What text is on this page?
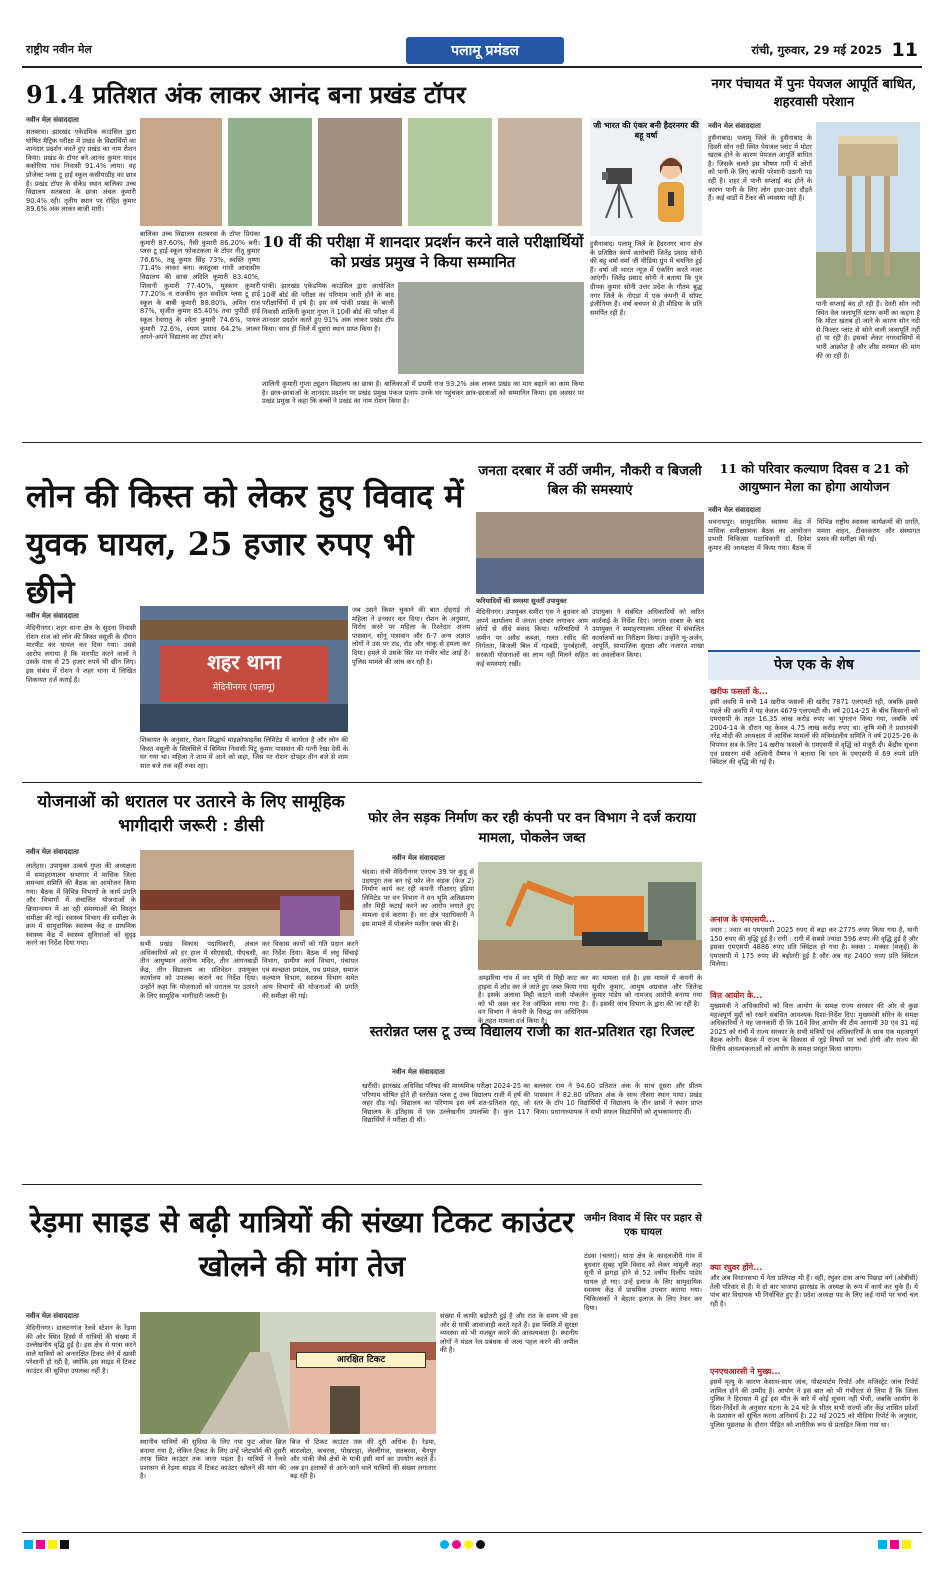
राष्ट्रीय नवीन मेल	पलामू प्रमंडल	रांची, गुरुवार, 29 मई 2025 11
91.4 प्रतिशत अंक लाकर आनंद बना प्रखंड टॉपर
नवीन मेल संवाददाता
सतबरवा। झारखंड एकेडमिक काउंसिल द्वारा घोषित मैट्रिक परीक्षा में प्रखंड के विद्यार्थियों का शानदार प्रदर्शन करते हुए प्रखंड का नाम रोशन किया। प्रखंड के टॉपर बने आनंद कुमार यादव बकोरिया गांव निवासी 91.4% लाया। वह प्रोजेक्ट प्लस टू हाई स्कूल कसीयाडीह का छात्र है। प्रखंड टॉपर के सेकेंड स्थान बालिका उच्च विद्यालय सतबरवा के छात्रा अंचल कुमारी 90.4% रही। तृतीय स्थान पर रोहित कुमार 89.6% अंक लाकर बाजी मारी।
बालिका उच्च विद्यालय सतबरवा के टॉपर प्रियंका कुमारी 87.60%, नैंसी कुमारी 86.20% बनी। प्लस टू हाई स्कूल फोकटकला के टॉपर नीतू कुमार 76.6%, तन्नू कुमार सिंह 73%, स्वस्ति तृष्णा 71.4% लाकर बना। कस्तूरबा गांधी आवासीय विद्यालय की छात्रा अदिति कुमारी 83.40%, शिवानी कुमारी 77.40%, मुस्कान कुमारी 77.20% व राजकीय कृत सर्वोदय प्लस टू हाई स्कूल के बाबी कुमारी 88.80%, अमित राज 87%, सृजीत कुमार 85.40% तथा पुपीडी हाई स्कूल रेवारातु के श्वेता कुमारी 74.6%, पायल कुमारी 72.6%, श्याम प्रसाद 64.2% लाकर अपने-अपने विद्यालय का टॉपर बने।
10 वीं की परीक्षा में शानदार प्रदर्शन करने वाले परीक्षार्थियों को प्रखंड प्रमुख ने किया सम्मानित
पांकी। झारखंड एकेडमिक काउंसिल द्वारा आयोजित 10वीं बोर्ड की परीक्षा का परिणाम जारी होने के बाद परीक्षार्थियों में हर्ष है। इस वर्ष पांकी प्रखंड के बरली निवासी शालिनी कुमार गुप्ता ने 10वीं बोर्ड की परीक्षा में शानदार प्रदर्शन करते हुए 91% अंक लाकर प्रखंड टॉप किया। साथ ही जिले में दूसरा स्थान प्राप्त किया है।
शालिनी कुमारी गुप्ता ट्यूशन विद्यालय का छात्रा है। बालिकाओं में प्रथमी राज 93.2% अंक लाकर प्रखंड का मान बढ़ाने का काम किया है। छात्र-छात्राओं के शानदार प्रदर्शन पर प्रखंड प्रमुख पंकज प्रताप उनके घर पहुंचकर छात्र-छात्राओं को सम्मानित किया। इस अवसर पर प्रखंड प्रमुख ने कहा कि बच्चों ने प्रखंड का नाम रोशन किया है।
जी भारत की एंकर बनी हैदरनगर की बहू वर्षा
हुसैनाबाद। पलामू जिले के हैदरनगर थाना क्षेत्र के प्रतिष्ठित स्वर्ण कारोबारी जितेंद्र प्रसाद सोनी की बहू वर्षा वर्मा जी मीडिया ग्रुप में चयनित हुई हैं। वर्षा जी भारत न्यूज़ में एंकरिंग करते नजर आएंगी। जितेंद्र प्रसाद सोनी ने बताया कि पुत्र दीपक कुमार सोनी उत्तर प्रदेश के गौतम बुद्ध नगर जिले के नोएडा में एक कंपनी में सॉफ्ट इंजीनियर हैं। वर्षा बचपन से ही मीडिया के प्रति समर्पित रही हैं।
नगर पंचायत में पुनः पेयजल आपूर्ति बाधित, शहरवासी परेशान
नवीन मेल संवाददाता
हुसैनाबाद। पलामू जिले के हुसैनाबाद के दिवरी सोन नदी स्थित पेयजल प्लांट में मोटर खराब होने के कारण पेयजल आपूर्ति बाधित है। जिसके चलते इस भीषण गर्मी में लोगों को पानी के लिए काफी परेशानी उठानी पड़ रही है। शहर में पानी सप्लाई बंद होने के कारण पानी के लिए लोग इधर-उधर दौड़ते हैं। कई वार्डों में टैंकर की व्यवस्था नहीं है।
पानी सप्लाई बंद हो रही है। देवरी सोन नदी स्थित वेल जलापूर्ति स्टाफ कर्मी का कहना है कि मोटर खराब हो जाने के कारण सोन नदी से फिल्टर प्लांट से सोने वाली जलापूर्ति नहीं हो पा रही है। इसको लेकर नगरवासियों में भारी आक्रोश है और शीघ्र मरम्मत की मांग की जा रही है।
लोन की किस्त को लेकर हुए विवाद में युवक घायल, 25 हजार रुपए भी छीने
नवीन मेल संवाददाता
मेदिनीनगर। शहर थाना क्षेत्र के सुदना निवासी रोशन राज को लोन की किस्त वसूली के दौरान मारपीट कर घायल कर दिया गया। उससे आरोप लगाया है कि मारपीट करने वालों ने उसके पास से 25 हजार रुपये भी छीन लिए। इस संबंध में रोशन ने शहर थाना में लिखित शिकायत दर्ज कराई है।
शहर थाना
मेदिनीनगर (पलामू)
शिकायत के अनुसार, रोशन सिद्धार्थ माइक्रोफाइनेंस लिमिटेड में कार्यरत है और लोन की किस्त वसूली के सिलसिले में बिमिया निवासी पिंटू कुमार पासवान की पत्नी रेखा देवी के घर गया था। महिला ने शाम में आने को कहा, जिस पर रोशन दोपहर तीन बजे से शाम सात बजे तक वहीं रुका रहा।
जब उसने किस्त चुकाने की बात दोहराई तो महिला ने इनकार कर दिया। रोशन के अनुसार, विरोध करने पर महिला के रिश्तेदार अजय पासवान, सोनू पासवान और 6-7 अन्य अज्ञात लोगों ने उस पर राड, रॉड और चाकू से हमला कर दिया। हमले में उसके सिर पर गंभीर चोट आई है। पुलिस मामले की जांच कर रही है।
जनता दरबार में उठीं जमीन, नौकरी व बिजली बिल की समस्याएं
फरियादियों की समस्या सुनतीं उपायुक्त
मेदिनीनगर। उपायुक्त समीरा एस ने बुधवार को अपने कार्यालय में जनता दरबार लगाकर आम लोगों से सीधे संवाद किया। फरियादियों ने जमीन पर अवैध कब्जा, गलत रसीद की निर्गतता, बिजली बिल में गड़बड़ी, पुनर्बहाली, सरकारी योजनाओं का लाभ नहीं मिलने सहित कई समस्याएं रखीं।
उपायुक्त ने संबंधित अधिकारियों को त्वरित कार्रवाई के निर्देश दिए। जनता दरबार के बाद उपायुक्त ने समाहरणालय परिसर में संचालित कार्यालयों का निरीक्षण किया। उन्होंने भू-अर्जन, आपूर्ति, सामाजिक सुरक्षा और नजारत शाखा का अवलोकन किया।
11 को परिवार कल्याण दिवस व 21 को आयुष्मान मेला का होगा आयोजन
नवीन मेल संवाददाता
भवनाथपुर। सामुदायिक स्वास्थ्य केंद्र में मासिक समीक्षात्मक बैठक का आयोजन प्रभारी चिकित्सा पदाधिकारी डॉ. दिनेश कुमार की अध्यक्षता में किया गया। बैठक में विभिन्न राष्ट्रीय स्वास्थ्य कार्यक्रमों की प्रगति, ममता वाहन, टीकाकरण और संस्थागत प्रसव की समीक्षा की गई।
पेज एक के शेष
खरीफ फसलों के...
इसी अवधि में सभी 14 खरीफ फसलों की खरीद 7871 एलएमटी रही, जबकि इससे पहले की अवधि में यह केवल 4679 एलएमटी थी। वर्ष 2014-25 के बीच किसानों को एमएसपी के तहत 16.35 लाख करोड़ रुपए का भुगतान किया गया, जबकि वर्ष 2004-14 के दौरान यह केवल 4.75 लाख करोड़ रुपए था। कृषि मंत्री ने प्रधानमंत्री नरेंद्र मोदी की अध्यक्षता में आर्थिक मामलों की मंत्रिमंडलीय समिति ने वर्ष 2025-26 के विपणन सत्र के लिए 14 खरीफ फसलों के एमएसपी में वृद्धि को मंजूरी दी। केंद्रीय सूचना एवं प्रसारण मंत्री अश्विनी वैष्णव ने बताया कि धान के एमएसपी में 69 रुपये प्रति क्विंटल की वृद्धि की गई है।
अनाज के एमएसपी...
ज्वार : ज्वार का एमएसपी 2025 रुपए से बढ़ा कर 2775 रुपए किया गया है, यानी 150 रुपए की वृद्धि हुई है। रागी : रागी में सबसे ज्यादा 596 रुपए की वृद्धि हुई है और इसका एमएसपी 4886 रुपए प्रति क्विंटल हो गया है। मक्का : मक्का (मक्ई) के एमएसपी में 175 रुपए की बढ़ोतरी हुई है और अब यह 2400 रुपए प्रति क्विंटल मिलेगा।
वित्त आयोग के...
मुख्यमंत्री ने अधिकारियों को वित्त आयोग के समक्ष राज्य सरकार की ओर से कुछ महत्वपूर्ण मुद्दों को रखने संबंधित आवश्यक दिशा-निर्देश दिए। मुख्यमंत्री सोरेन के समक्ष अधिकारियों ने यह जानकारी दी कि 16वें वित्त आयोग की टीम आगामी 30 एवं 31 मई 2025 को रांची में राज्य सरकार के सभी मंत्रियों एवं अधिकारियों के साथ एक महत्वपूर्ण बैठक करेगी। बैठक में राज्य के विकास से जुड़े विषयों पर चर्चा होगी और राज्य की वित्तीय आवश्यकताओं को आयोग के समक्ष प्रस्तुत किया जाएगा।
क्या रघुवर होंगे...
और अब विधानसभा में नेता प्रतिपक्ष भी हैं। वहीं, रघुवर दास अन्य पिछड़ा वर्ग (ओबीसी) तेली परिवार से हैं। ये दो बार भाजपा झारखंड के अध्यक्ष के रूप में कार्य कर चुके हैं। ये पांच बार विधायक भी निर्वाचित हुए हैं। प्रदेश अध्यक्ष पद के लिए कई नामों पर चर्चा चल रही है।
एनएचआरसी ने मुख्य...
इसमें मृत्यु के कारण केसाथ-साथ जांच, पोस्टमार्टम रिपोर्ट और मजिस्ट्रेट जांच रिपोर्ट शामिल होने की उम्मीद है। आयोग ने इस बात को भी गंभीरता से लिया है कि जिला पुलिस ने हिरासत में हुई इस मौत के बारे में कोई सूचना नहीं भेजी, जबकि आयोग के दिशा-निर्देशों के अनुसार घटना के 24 घंटे के भीतर सभी राज्यों और केंद्र शासित प्रदेशों के प्रशासन को सूचित करना अनिवार्य है। 22 मई 2025 को मीडिया रिपोर्ट के अनुसार, पुलिस पूछताछ के दौरान पीड़ित को शारीरिक रूप से प्रताड़ित किया गया था।
योजनाओं को धरातल पर उतारने के लिए सामूहिक भागीदारी जरूरी : डीसी
नवीन मेल संवाददाता
लातेहार। उपायुक्त उत्कर्ष गुप्ता की अध्यक्षता में समाहरणालय सभागार में मासिक जिला समन्वय समिति की बैठक का आयोजन किया गया। बैठक में विभिन्न विभागों के कार्य प्रगति और विभागों में संचालित योजनाओं के क्रियान्वयन में आ रही समस्याओं की विस्तृत समीक्षा की गई। स्वास्थ्य विभाग की समीक्षा के क्रम में सामुदायिक स्वास्थ्य केंद्र व प्राथमिक स्वास्थ्य केंद्र में स्वास्थ्य सुविधाओं को सुदृढ़ करने का निर्देश दिया गया।	सभी प्रखंड विकास पदाधिकारी, अंचल अधिकारियों को हर हाल में सीएससी, पीएचसी, तीन आयुष्मान आरोग्य मंदिर, तीन आंगनबाड़ी केंद्र, तीन विद्यालय का प्रतिवेदन उपायुक्त कार्यालय को उपलब्ध कराने का निर्देश दिया। उन्होंने कहा कि योजनाओं को धरातल पर उतारने के लिए सामूहिक भागीदारी जरूरी है।
कर विकास कार्यों को गति प्रदान करने का निर्देश दिया। बैठक में लघु सिंचाई विभाग, ग्रामीण कार्य विभाग, पंचायत एवं स्वच्छता प्रमंडल, पथ प्रमंडल, समाज कल्याण विभाग, स्वास्थ्य विभाग समेत अन्य विभागों की योजनाओं की प्रगति की समीक्षा की गई।
फोर लेन सड़क निर्माण कर रही कंपनी पर वन विभाग ने दर्ज कराया मामला, पोकलेन जब्त
नवीन मेल संवाददाता
चंदवा। रांची मेदिनीनगर एनएच 39 पर कुडू से उदयपुरा तक बन रहे फोर लेन सड़क (फेज 2) निर्माण कार्य कर रही कंपनी पीआरए इंडिया लिमिटेड पर वन विभाग ने वन भूमि अतिक्रमण और मिट्टी कटाई करने का आरोप लगाते हुए मामला दर्ज कराया है। वन क्षेत्र पदाधिकारी ने इस मामले में पोकलेन मशीन जब्त की है।
अम्झरिया गांव में वन भूमि से मिट्टी काट कर हाइवा में लोड कर ले जाते हुए जब्त किया गया है। इसके अलावा मिट्टी काटने वाली पोकलेन को भी जब्त कर रेंज ऑफिस लाया गया है। वन विभाग ने कंपनी के विरुद्ध वन अधिनियम के तहत मामला दर्ज किया है।
का मामला दर्ज है। इस मामले में कंपनी के सुधीर कुमार, आयुष अग्रवाल और जितेन्द्र कुमार पांडेय को नामजद आरोपी बनाया गया है। इसकी जांच विभाग के द्वारा की जा रही है।
स्तरोन्नत प्लस टू उच्च विद्यालय राजी का शत-प्रतिशत रहा रिजल्ट
नवीन मेल संवाददाता
खरौंधी। झारखंड अधिविद्य परिषद की माध्यमिक परीक्षा 2024-25 का परिणाम घोषित होते ही स्तरोन्नत प्लस टू उच्च विद्यालय राजी में हर्ष की लहर दौड़ गई। विद्यालय का परिणाम इस वर्ष शत-प्रतिशत रहा, जो विद्यालय के इतिहास में एक उल्लेखनीय उपलब्धि है। कुल 117 विद्यार्थियों ने परीक्षा दी थी।
बल्लवर राम ने 94.60 प्रतिशत अंक के साथ दूसरा और प्रीतम पासवान ने 82.80 प्रतिशत अंक के साथ तीसरा स्थान पाया। प्रखंड स्तर के टॉप 10 विद्यार्थियों में विद्यालय के तीन छात्रों ने स्थान प्राप्त किया। प्रधानाध्यापक ने सभी सफल विद्यार्थियों को शुभकामनाएं दीं।
रेड़मा साइड से बढ़ी यात्रियों की संख्या टिकट काउंटर खोलने की मांग तेज
नवीन मेल संवाददाता
मेदिनीनगर। डालटनगंज रेलवे स्टेशन के रेड़मा की ओर स्थित हिस्से में यात्रियों की संख्या में उल्लेखनीय वृद्धि हुई है। इस क्षेत्र से यात्रा करने वाले यात्रियों को अनारक्षित टिकट लेने में खासी परेशानी हो रही है, क्योंकि इस साइड में टिकट काउंटर की सुविधा उपलब्ध नहीं है।
आरक्षित टिकट
स्थानीय यात्रियों की सुविधा के लिए नया फुट ओवर ब्रिज बनाया गया है, लेकिन टिकट के लिए उन्हें प्लेटफॉर्म की दूसरी तरफ स्थित काउंटर तक जाना पड़ता है। यात्रियों ने रेलवे प्रशासन से रेड़मा साइड में टिकट काउंटर खोलने की मांग की है।
बिज से टिकट काउंटर तक की दूरी अधिक है। रेड़मा, बारालोटा, कचरवा, पोखराहा, लेस्लीगंज, सतबरवा, चैनपुर और पांकी जैसे क्षेत्रों के यात्री इसी मार्ग का उपयोग करते हैं। अब इन इलाकों से आने-जाने वाले यात्रियों की संख्या लगातार बढ़ रही है।
संख्या में काफी बढ़ोतरी हुई है और रात के समय भी इस ओर से यात्री आवाजाही करते रहते हैं। इस स्थिति में सुरक्षा व्यवस्था को भी मजबूत करने की आवश्यकता है। स्थानीय लोगों ने मंडल रेल प्रबंधक से जल्द पहल करने की अपील की है।
जमीन विवाद में सिर पर प्रहार से एक घायल
टंडवा (चतरा)। थाना क्षेत्र के कादलजीरी गांव में बुधवार सुबह भूमि विवाद को लेकर मामूली कहा सुनी में झगड़ा होने से 52 वर्षीय दिलीप पांडेय घायल हो गए। उन्हें इलाज के लिए सामुदायिक स्वास्थ्य केंद्र में प्राथमिक उपचार कराया गया। चिकित्सकों ने बेहतर इलाज के लिए रेफर कर दिया।
